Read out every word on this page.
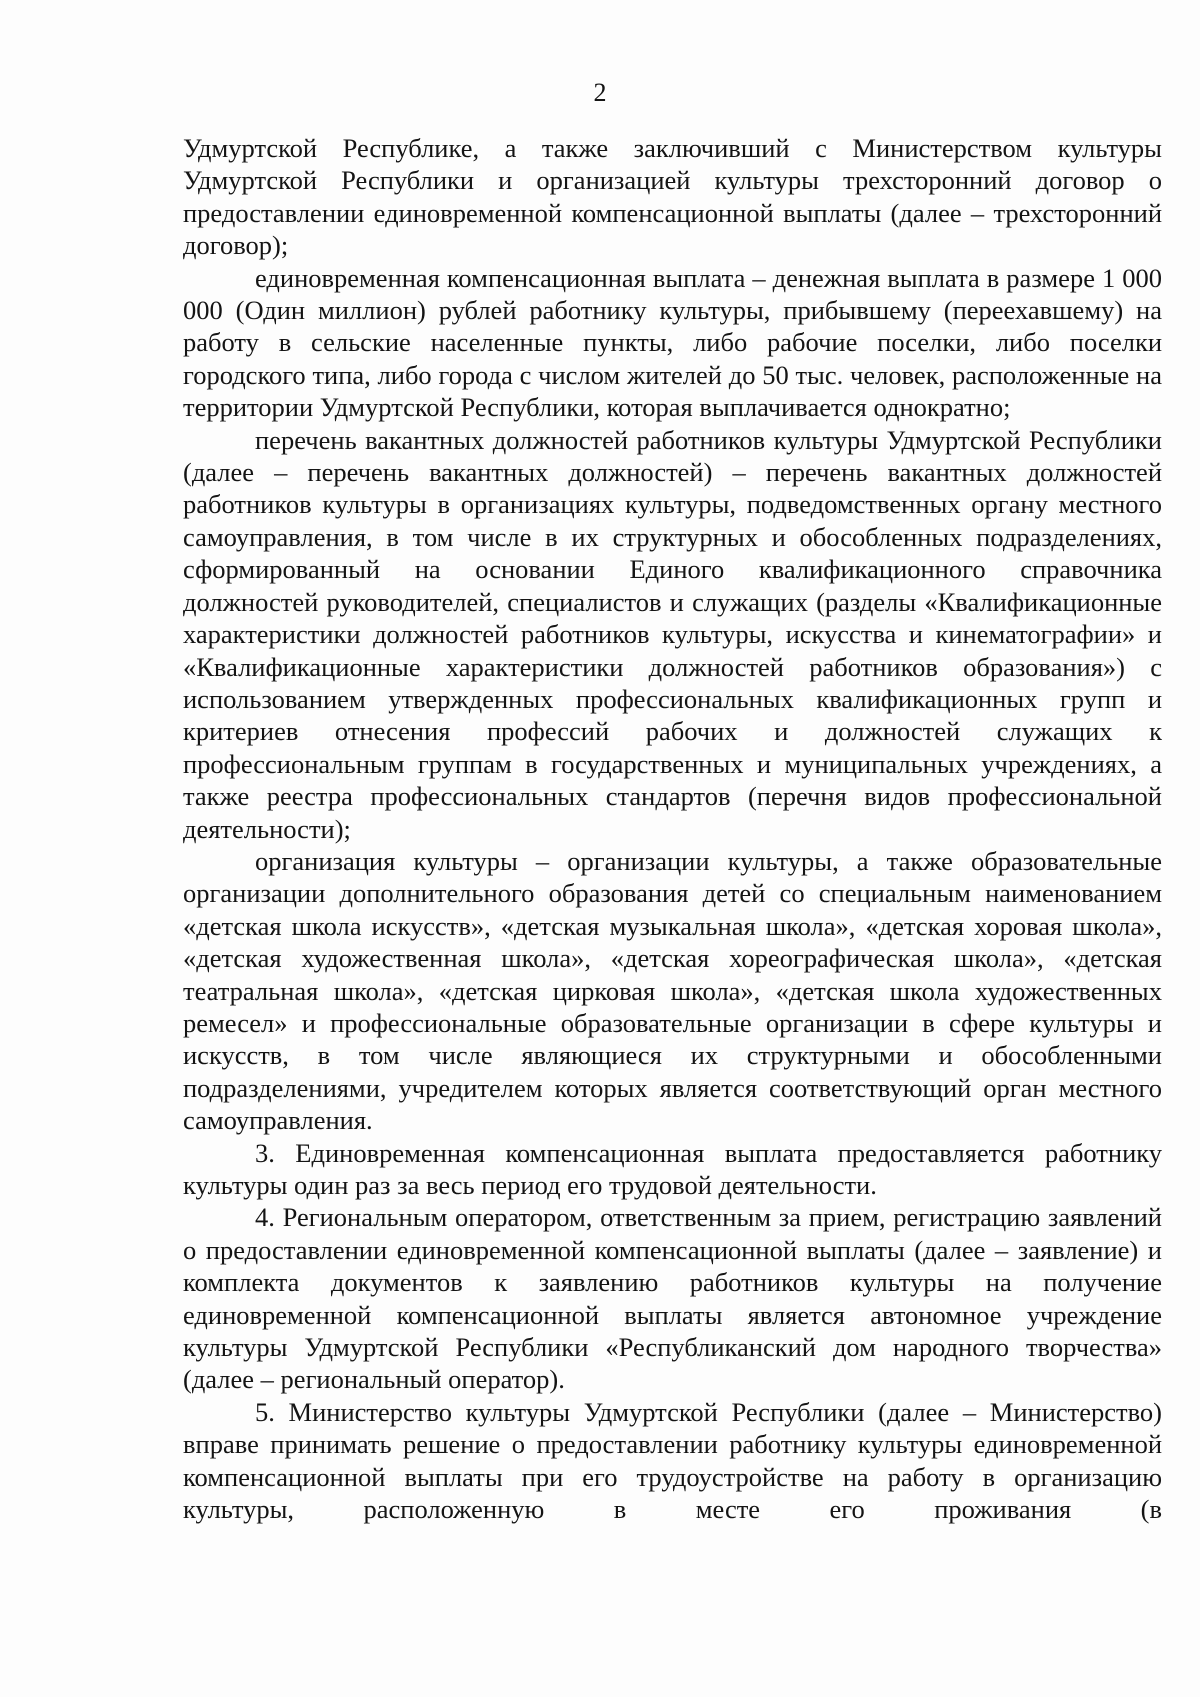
2

Удмуртской Республике, а также заключивший с Министерством культуры Удмуртской Республики и организацией культуры трехсторонний договор о предоставлении единовременной компенсационной выплаты (далее – трехсторонний договор);

единовременная компенсационная выплата – денежная выплата в размере 1 000 000 (Один миллион) рублей работнику культуры, прибывшему (переехавшему) на работу в сельские населенные пункты, либо рабочие поселки, либо поселки городского типа, либо города с числом жителей до 50 тыс. человек, расположенные на территории Удмуртской Республики, которая выплачивается однократно;

перечень вакантных должностей работников культуры Удмуртской Республики (далее – перечень вакантных должностей) – перечень вакантных должностей работников культуры в организациях культуры, подведомственных органу местного самоуправления, в том числе в их структурных и обособленных подразделениях, сформированный на основании Единого квалификационного справочника должностей руководителей, специалистов и служащих (разделы «Квалификационные характеристики должностей работников культуры, искусства и кинематографии» и «Квалификационные характеристики должностей работников образования») с использованием утвержденных профессиональных квалификационных групп и критериев отнесения профессий рабочих и должностей служащих к профессиональным группам в государственных и муниципальных учреждениях, а также реестра профессиональных стандартов (перечня видов профессиональной деятельности);

организация культуры – организации культуры, а также образовательные организации дополнительного образования детей со специальным наименованием «детская школа искусств», «детская музыкальная школа», «детская хоровая школа», «детская художественная школа», «детская хореографическая школа», «детская театральная школа», «детская цирковая школа», «детская школа художественных ремесел» и профессиональные образовательные организации в сфере культуры и искусств, в том числе являющиеся их структурными и обособленными подразделениями, учредителем которых является соответствующий орган местного самоуправления.

3. Единовременная компенсационная выплата предоставляется работнику культуры один раз за весь период его трудовой деятельности.

4. Региональным оператором, ответственным за прием, регистрацию заявлений о предоставлении единовременной компенсационной выплаты (далее – заявление) и комплекта документов к заявлению работников культуры на получение единовременной компенсационной выплаты является автономное учреждение культуры Удмуртской Республики «Республиканский дом народного творчества» (далее – региональный оператор).

5. Министерство культуры Удмуртской Республики (далее – Министерство) вправе принимать решение о предоставлении работнику культуры единовременной компенсационной выплаты при его трудоустройстве на работу в организацию культуры, расположенную в месте его проживания (в
